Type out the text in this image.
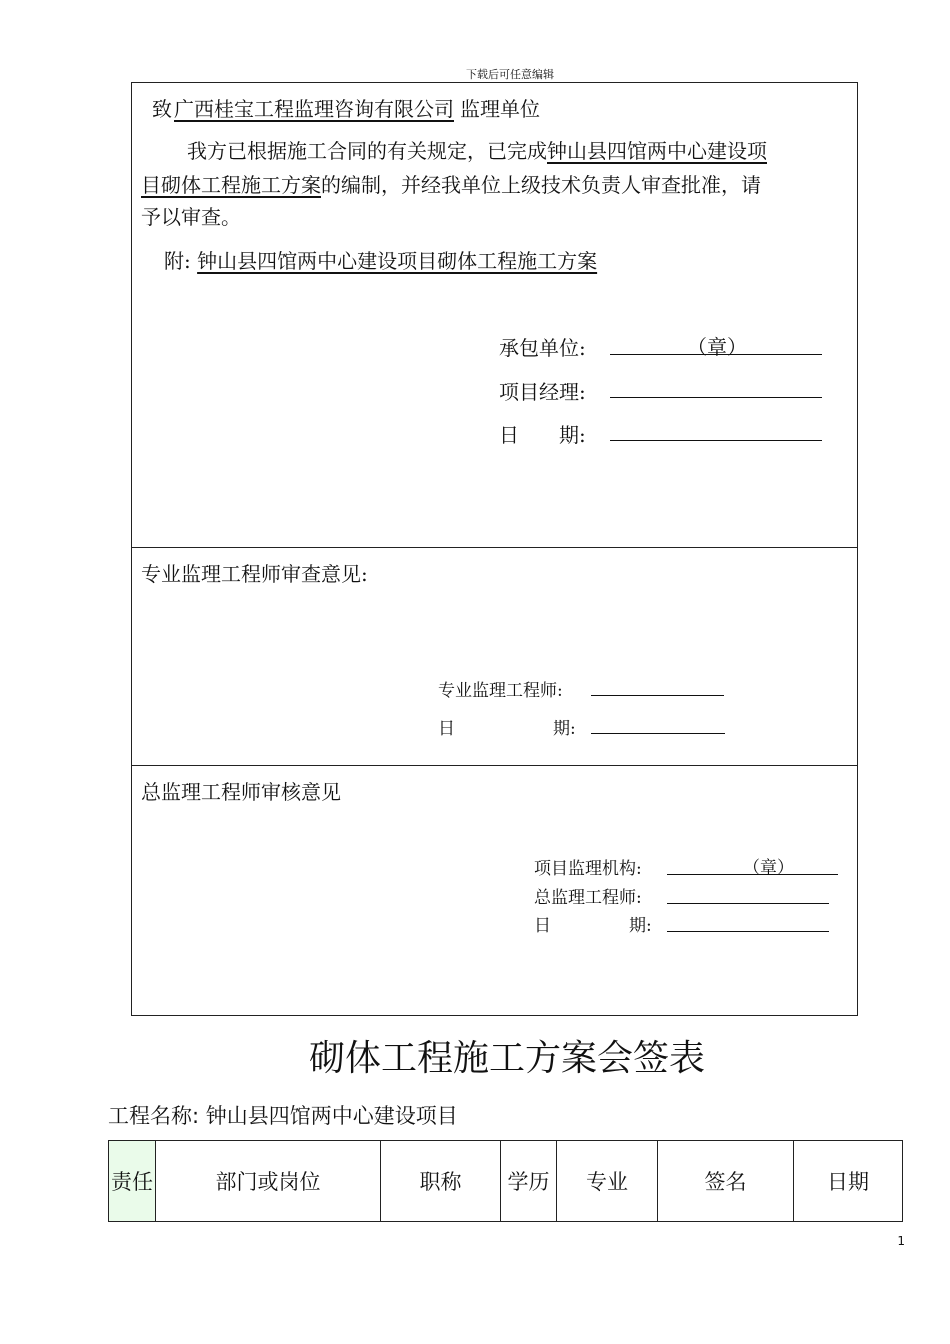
下载后可任意编辑
致 广西桂宝工程监理咨询有限公司 监理单位
我方已根据施工合同的有关规定，已完成钟山县四馆两中心建设项
目砌体工程施工方案的编制，并经我单位上级技术负责人审查批准，请
予以审查。
附: 钟山县四馆两中心建设项目砌体工程施工方案
承包单位:	（章）
项目经理:
日　　期:
专业监理工程师审查意见:
专业监理工程师:
日	期:
总监理工程师审核意见
项目监理机构:	（章）
总监理工程师:
日	期:
砌体工程施工方案会签表
工程名称: 钟山县四馆两中心建设项目
责任	部门或岗位	职称	学历	专业	签名	日期
1
